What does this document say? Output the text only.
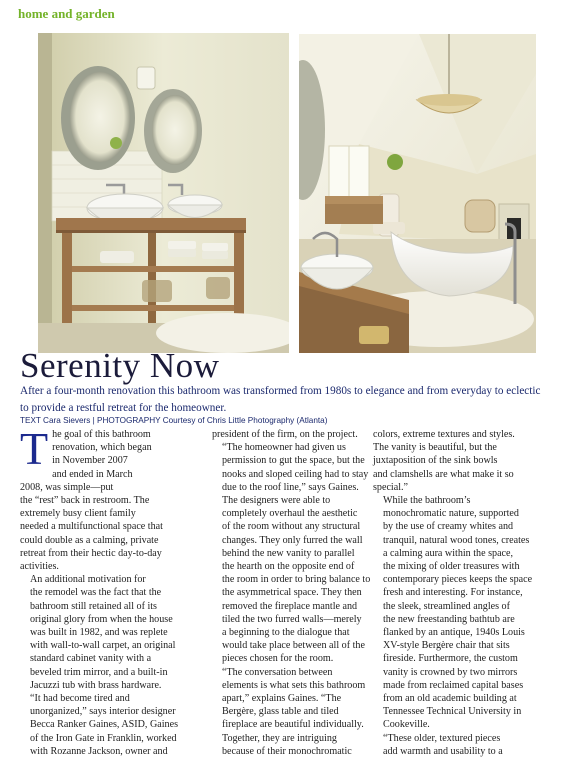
home and garden
Serenity Now
After a four-month renovation this bathroom was transformed from 1980s to elegance and from everyday to eclectic to provide a restful retreat for the homeowner.
TEXT Cara Sievers | PHOTOGRAPHY Courtesy of Chris Little Photography (Atlanta)
T he goal of this bathroom
renovation, which began
in November 2007
and ended in March
2008, was simple—put
the “rest” back in restroom. The
extremely busy client family
needed a multifunctional space that
could double as a calming, private
retreat from their hectic day-to-day
activities.

An additional motivation for
the remodel was the fact that the
bathroom still retained all of its
original glory from when the house
was built in 1982, and was replete
with wall-to-wall carpet, an original
standard cabinet vanity with a
beveled trim mirror, and a built-in
Jacuzzi tub with brass hardware.

“It had become tired and
unorganized,” says interior designer
Becca Ranker Gaines, ASID, Gaines
of the Iron Gate in Franklin, worked
with Rozanne Jackson, owner and

president of the firm, on the project.

“The homeowner had given us
permission to gut the space, but the
nooks and sloped ceiling had to stay
due to the roof line,” says Gaines.

The designers were able to
completely overhaul the aesthetic
of the room without any structural
changes. They only furred the wall
behind the new vanity to parallel
the hearth on the opposite end of
the room in order to bring balance to
the asymmetrical space. They then
removed the fireplace mantle and
tiled the two furred walls—merely
a beginning to the dialogue that
would take place between all of the
pieces chosen for the room.

“The conversation between
elements is what sets this bathroom
apart,” explains Gaines. “The
Bergère, glass table and tiled
fireplace are beautiful individually.
Together, they are intriguing
because of their monochromatic

colors, extreme textures and styles.
The vanity is beautiful, but the
juxtaposition of the sink bowls
and clamshells are what make it so
special.”

While the bathroom’s
monochromatic nature, supported
by the use of creamy whites and
tranquil, natural wood tones, creates
a calming aura within the space,
the mixing of older treasures with
contemporary pieces keeps the space
fresh and interesting. For instance,
the sleek, streamlined angles of
the new freestanding bathtub are
flanked by an antique, 1940s Louis
XV-style Bergère chair that sits
fireside. Furthermore, the custom
vanity is crowned by two mirrors
made from reclaimed capital bases
from an old academic building at
Tennessee Technical University in
Cookeville.

“These older, textured pieces
add warmth and usability to a
